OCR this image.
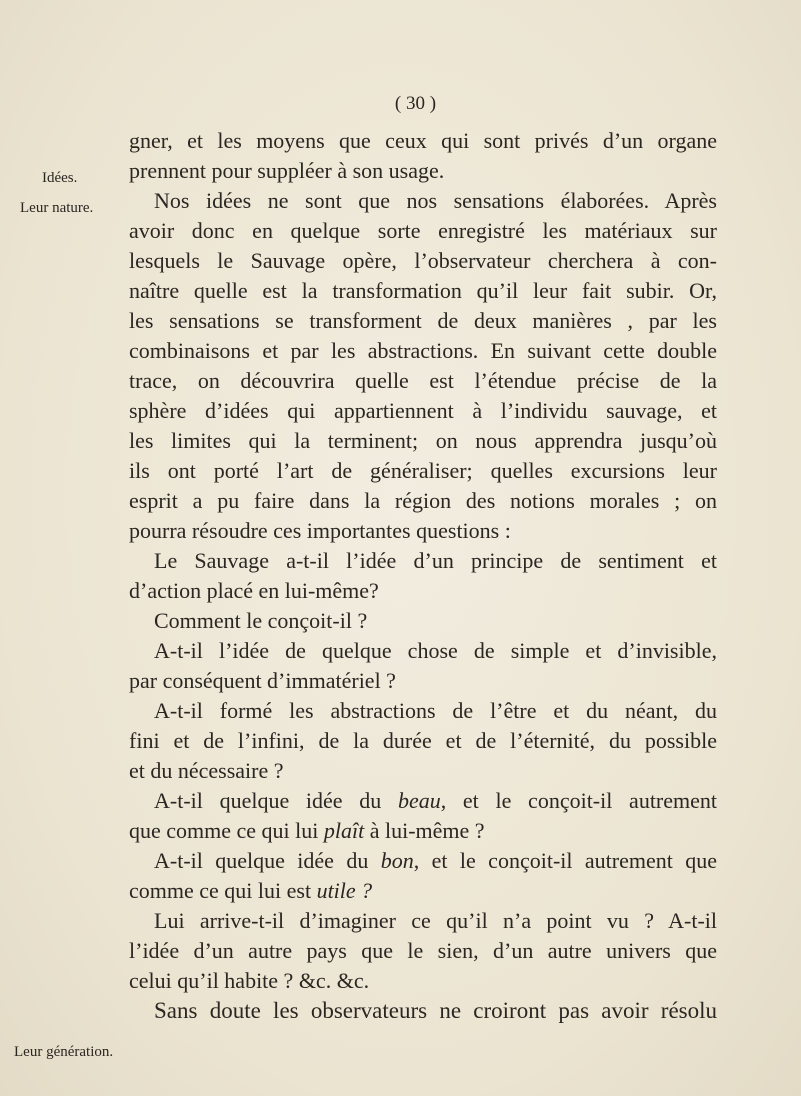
( 30 )
Idées.
Leur nature.
Leur génération.
gner, et les moyens que ceux qui sont privés d’un organe
prennent pour suppléer à son usage.
Nos idées ne sont que nos sensations élaborées. Après
avoir donc en quelque sorte enregistré les matériaux sur
lesquels le Sauvage opère, l’observateur cherchera à con-
naître quelle est la transformation qu’il leur fait subir. Or,
les sensations se transforment de deux manières , par les
combinaisons et par les abstractions. En suivant cette double
trace, on découvrira quelle est l’étendue précise de la
sphère d’idées qui appartiennent à l’individu sauvage, et
les limites qui la terminent; on nous apprendra jusqu’où
ils ont porté l’art de généraliser; quelles excursions leur
esprit a pu faire dans la région des notions morales ; on
pourra résoudre ces importantes questions :
Le Sauvage a-t-il l’idée d’un principe de sentiment et
d’action placé en lui-même?
Comment le conçoit-il ?
A-t-il l’idée de quelque chose de simple et d’invisible,
par conséquent d’immatériel ?
A-t-il formé les abstractions de l’être et du néant, du
fini et de l’infini, de la durée et de l’éternité, du possible
et du nécessaire ?
A-t-il quelque idée du beau, et le conçoit-il autrement
que comme ce qui lui plaît à lui-même ?
A-t-il quelque idée du bon, et le conçoit-il autrement que
comme ce qui lui est utile ?
Lui arrive-t-il d’imaginer ce qu’il n’a point vu ? A-t-il
l’idée d’un autre pays que le sien, d’un autre univers que
celui qu’il habite ? &c. &c.
Sans doute les observateurs ne croiront pas avoir résolu
